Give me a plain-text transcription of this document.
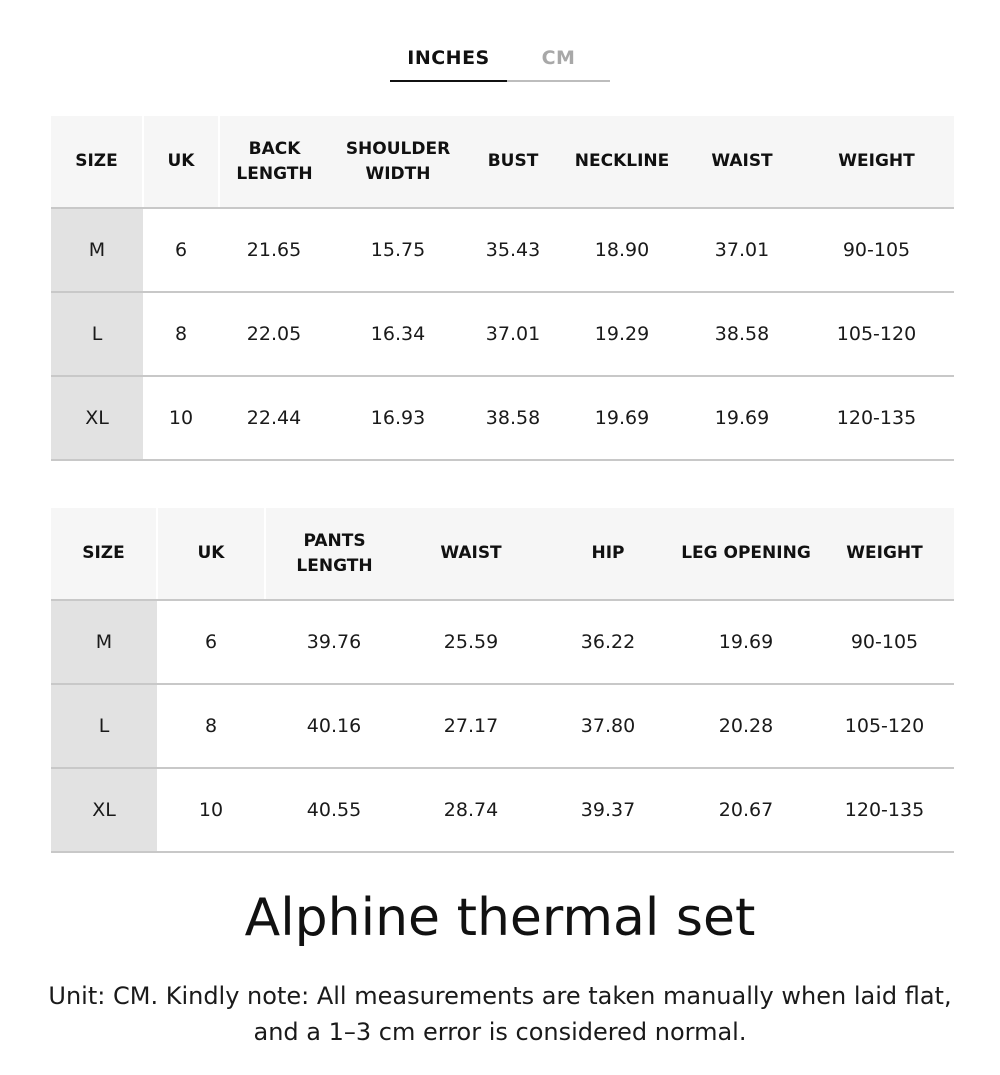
INCHES	CM
SIZE	UK	BACK LENGTH	SHOULDER WIDTH	BUST	NECKLINE	WAIST	WEIGHT
M	6	21.65	15.75	35.43	18.90	37.01	90-105
L	8	22.05	16.34	37.01	19.29	38.58	105-120
XL	10	22.44	16.93	38.58	19.69	19.69	120-135
SIZE	UK	PANTS LENGTH	WAIST	HIP	LEG OPENING	WEIGHT
M	6	39.76	25.59	36.22	19.69	90-105
L	8	40.16	27.17	37.80	20.28	105-120
XL	10	40.55	28.74	39.37	20.67	120-135
Alphine thermal set
Unit: CM. Kindly note: All measurements are taken manually when laid flat, and a 1–3 cm error is considered normal.
